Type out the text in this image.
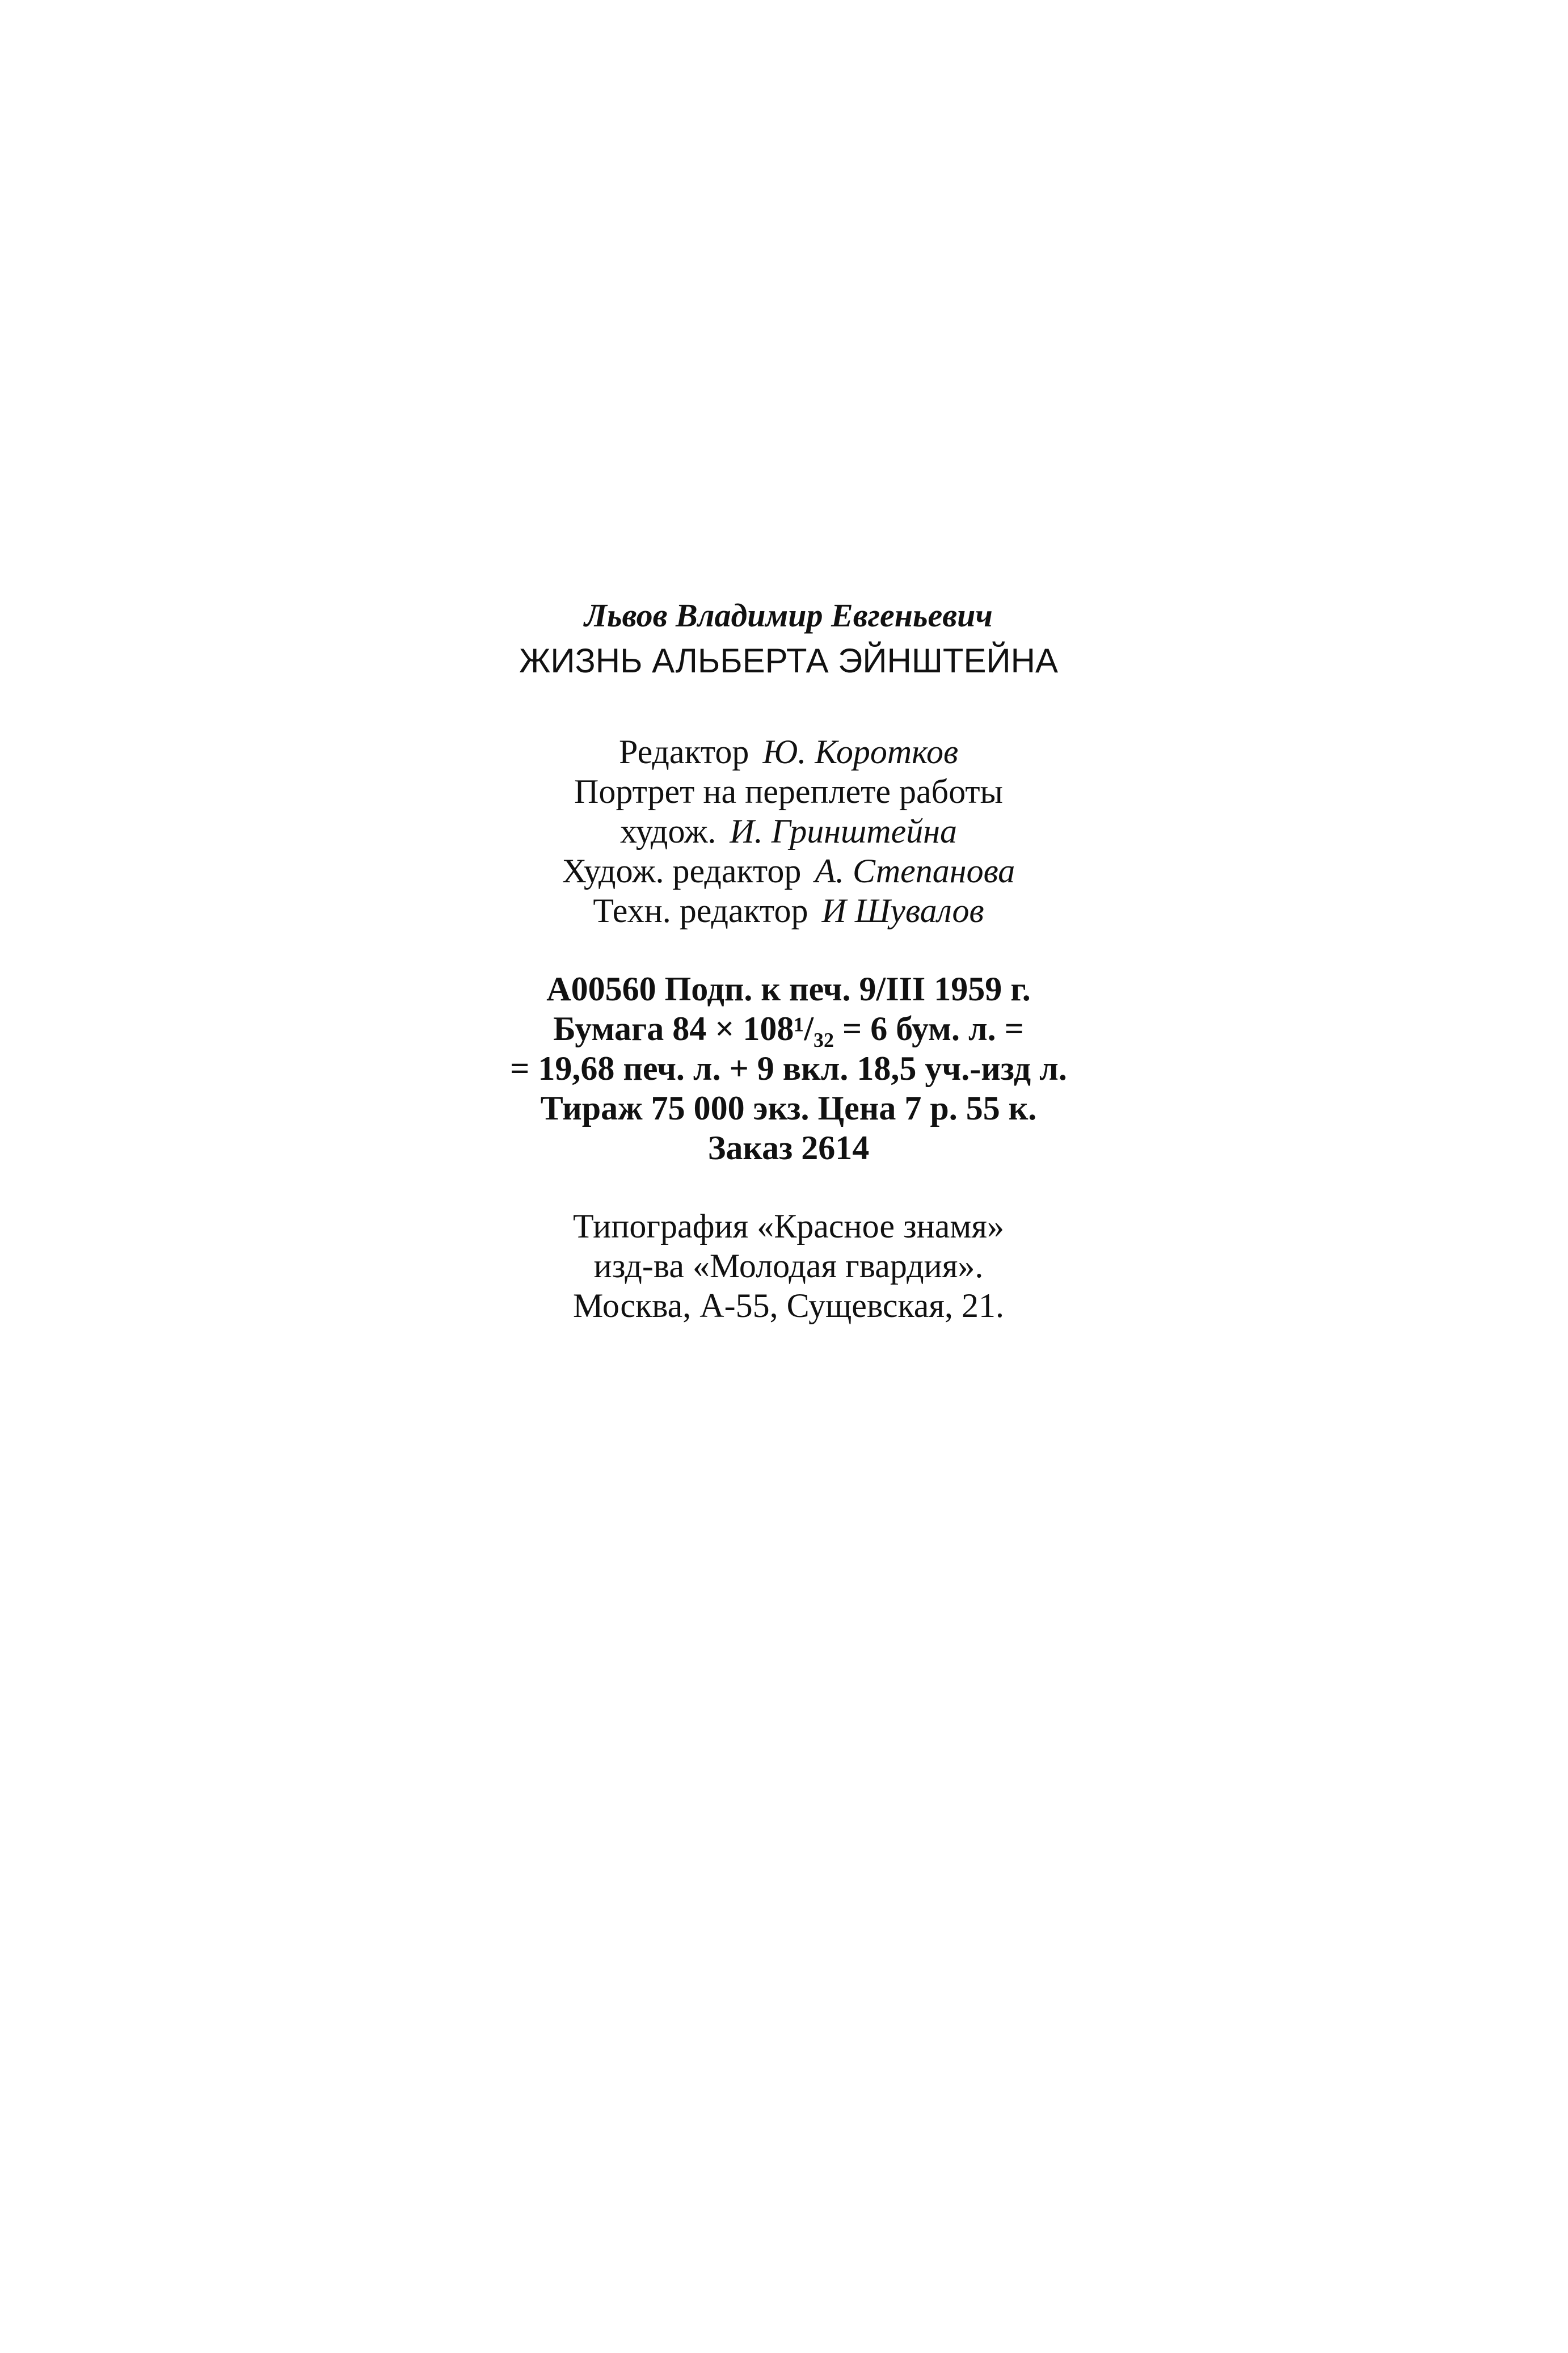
Львов Владимир Евгеньевич
ЖИЗНЬ АЛЬБЕРТА ЭЙНШТЕЙНА
Редактор Ю. Коротков
Портрет на переплете работы
худож. И. Гринштейна
Худож. редактор А. Степанова
Техн. редактор И Шувалов
А00560 Подп. к печ. 9/III 1959 г.
Бумага 84 × 108¹/₃₂ = 6 бум. л. =
= 19,68 печ. л. + 9 вкл. 18,5 уч.-изд л.
Тираж 75 000 экз. Цена 7 р. 55 к.
Заказ 2614
Типография «Красное знамя»
изд-ва «Молодая гвардия».
Москва, А-55, Сущевская, 21.
